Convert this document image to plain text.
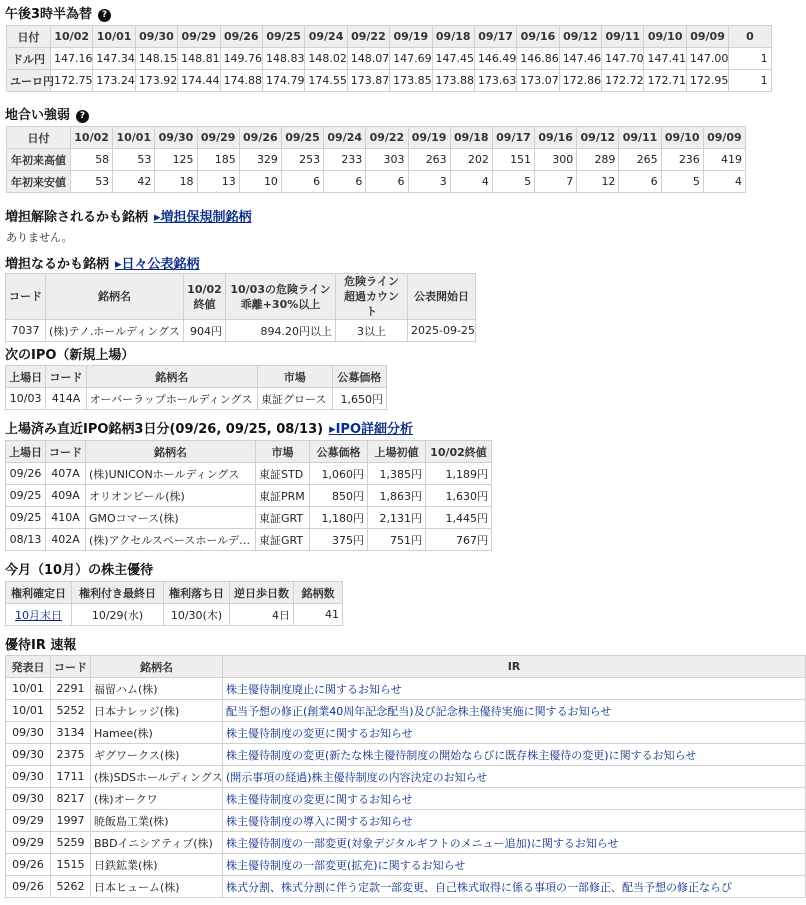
午後3時半為替 ?
日付	10/02	10/01	09/30	09/29	09/26	09/25	09/24	09/22	09/19	09/18	09/17	09/16	09/12	09/11	09/10	09/09	0
ドル円	147.16	147.34	148.15	148.81	149.76	148.83	148.02	148.07	147.69	147.45	146.49	146.86	147.46	147.70	147.41	147.00	1
ユーロ円	172.75	173.24	173.92	174.44	174.88	174.79	174.55	173.87	173.85	173.88	173.63	173.07	172.86	172.72	172.71	172.95	1
地合い強弱 ?
日付	10/02	10/01	09/30	09/29	09/26	09/25	09/24	09/22	09/19	09/18	09/17	09/16	09/12	09/11	09/10	09/09
年初来高値	58	53	125	185	329	253	233	303	263	202	151	300	289	265	236	419
年初来安値	53	42	18	13	10	6	6	6	3	4	5	7	12	6	5	4
増担解除されるかも銘柄 ▸増担保規制銘柄
ありません。
増担なるかも銘柄 ▸日々公表銘柄
コード	銘柄名	10/02 終値	10/03の危険ライン 乖離+30%以上	危険ライン 超過カウント	公表開始日
7037	(株)テノ.ホールディングス	904円	894.20円以上	3以上	2025-09-25
次のIPO（新規上場）
上場日	コード	銘柄名	市場	公募価格
10/03	414A	オーバーラップホールディングス	東証グロース	1,650円
上場済み直近IPO銘柄3日分(09/26, 09/25, 08/13) ▸IPO詳細分析
上場日	コード	銘柄名	市場	公募価格	上場初値	10/02終値
09/26	407A	(株)UNICONホールディングス	東証STD	1,060円	1,385円	1,189円
09/25	409A	オリオンビール(株)	東証PRM	850円	1,863円	1,630円
09/25	410A	GMOコマース(株)	東証GRT	1,180円	2,131円	1,445円
08/13	402A	(株)アクセルスペースホールデ…	東証GRT	375円	751円	767円
今月（10月）の株主優待
権利確定日	権利付き最終日	権利落ち日	逆日歩日数	銘柄数
10月末日	10/29(水)	10/30(木)	4日	41
優待IR 速報
発表日	コード	銘柄名	IR
10/01	2291	福留ハム(株)	株主優待制度廃止に関するお知らせ
10/01	5252	日本ナレッジ(株)	配当予想の修正(創業40周年記念配当)及び記念株主優待実施に関するお知らせ
09/30	3134	Hamee(株)	株主優待制度の変更に関するお知らせ
09/30	2375	ギグワークス(株)	株主優待制度の変更(新たな株主優待制度の開始ならびに既存株主優待の変更)に関するお知らせ
09/30	1711	(株)SDSホールディングス	(開示事項の経過)株主優待制度の内容決定のお知らせ
09/30	8217	(株)オークワ	株主優待制度の変更に関するお知らせ
09/29	1997	暁飯島工業(株)	株主優待制度の導入に関するお知らせ
09/29	5259	BBDイニシアティブ(株)	株主優待制度の一部変更(対象デジタルギフトのメニュー追加)に関するお知らせ
09/26	1515	日鉄鉱業(株)	株主優待制度の一部変更(拡充)に関するお知らせ
09/26	5262	日本ヒューム(株)	株式分割、株式分割に伴う定款一部変更、自己株式取得に係る事項の一部修正、配当予想の修正ならび
